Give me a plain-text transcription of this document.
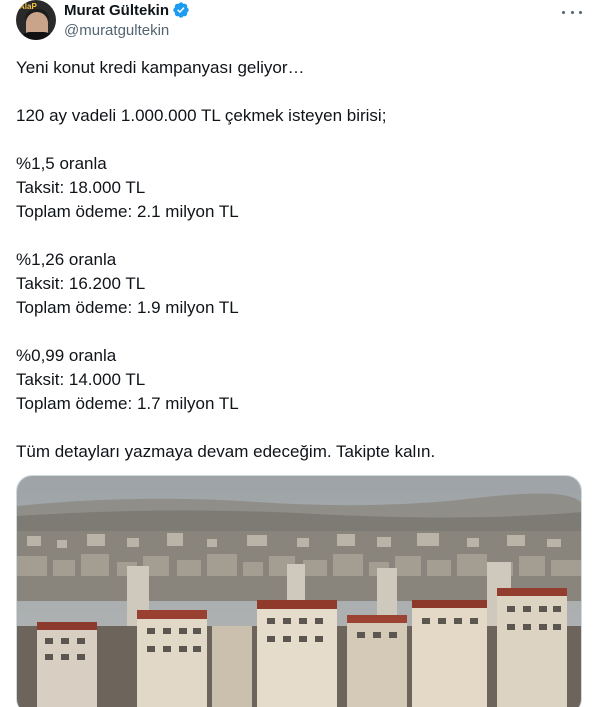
AlaP Murat Gültekin
@muratgultekin
Yeni konut kredi kampanyası geliyor…
120 ay vadeli 1.000.000 TL çekmek isteyen birisi;
%1,5 oranla
Taksit: 18.000 TL
Toplam ödeme: 2.1 milyon TL
%1,26 oranla
Taksit: 16.200 TL
Toplam ödeme: 1.9 milyon TL
%0,99 oranla
Taksit: 14.000 TL
Toplam ödeme: 1.7 milyon TL
Tüm detayları yazmaya devam edeceğim. Takipte kalın.
